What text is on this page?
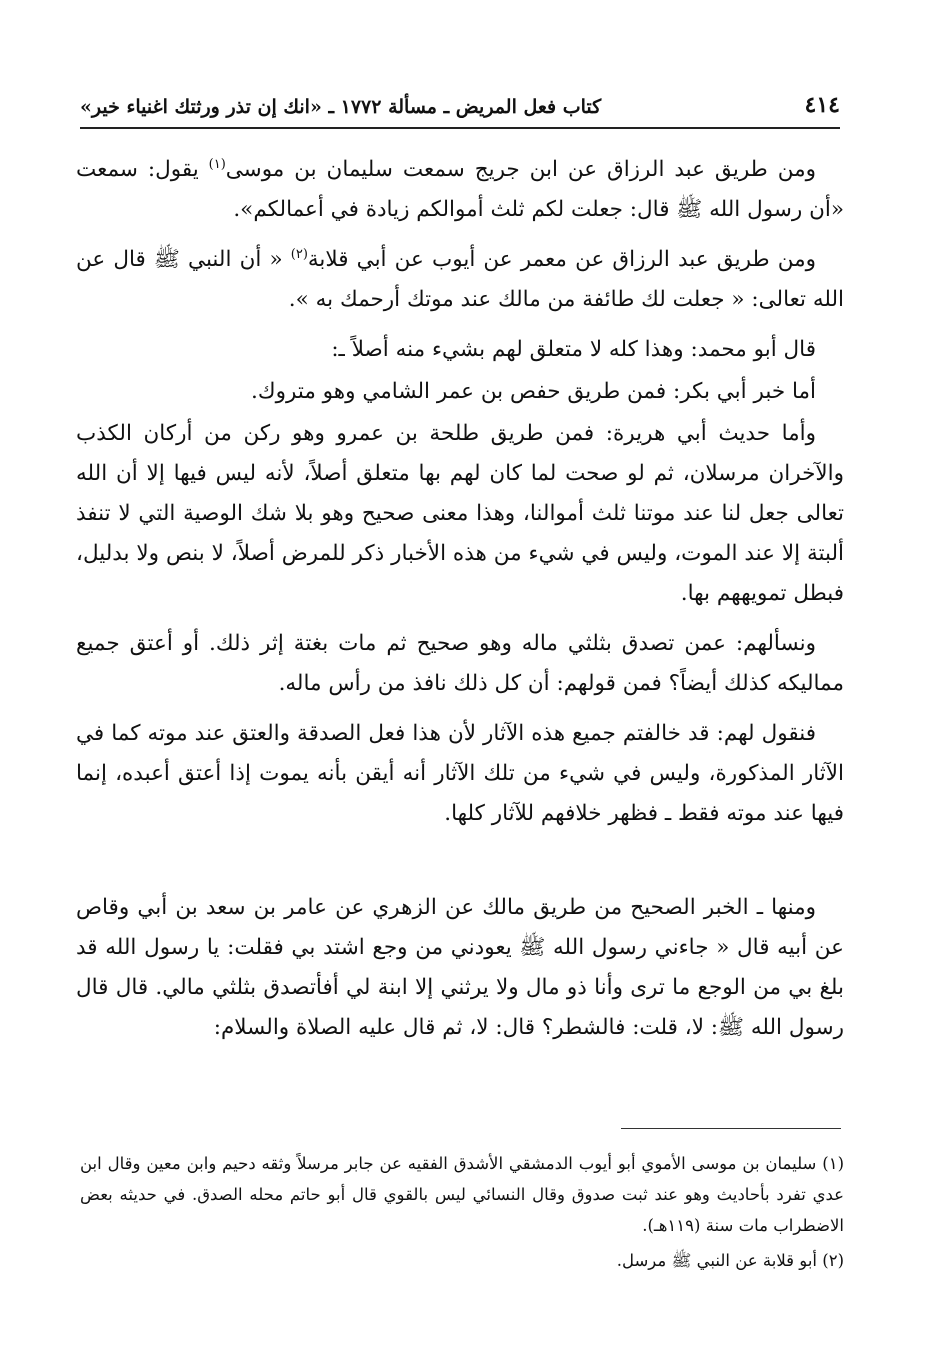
٤١٤
كتاب فعل المريض ـ مسألة ١٧٧٢ ـ «انك إن تذر ورثتك اغنياء خير»

ومن طريق عبد الرزاق عن ابن جريج سمعت سليمان بن موسى$^{(١)}$ يقول: سمعت «أن رسول الله ﷺ قال: جعلت لكم ثلث أموالكم زيادة في أعمالكم».

ومن طريق عبد الرزاق عن معمر عن أيوب عن أبي قلابة$^{(٢)}$ « أن النبي ﷺ قال عن الله تعالى: « جعلت لك طائفة من مالك عند موتك أرحمك به ».

قال أبو محمد: وهذا كله لا متعلق لهم بشيء منه أصلاً ـ:

أما خبر أبي بكر: فمن طريق حفص بن عمر الشامي وهو متروك.

وأما حديث أبي هريرة: فمن طريق طلحة بن عمرو وهو ركن من أركان الكذب والآخران مرسلان، ثم لو صحت لما كان لهم بها متعلق أصلاً، لأنه ليس فيها إلا أن الله تعالى جعل لنا عند موتنا ثلث أموالنا، وهذا معنى صحيح وهو بلا شك الوصية التي لا تنفذ ألبتة إلا عند الموت، وليس في شيء من هذه الأخبار ذكر للمرض أصلاً، لا بنص ولا بدليل، فبطل تمويههم بها.

ونسألهم: عمن تصدق بثلثي ماله وهو صحيح ثم مات بغتة إثر ذلك. أو أعتق جميع مماليكه كذلك أيضاً؟ فمن قولهم: أن كل ذلك نافذ من رأس ماله.

فنقول لهم: قد خالفتم جميع هذه الآثار لأن هذا فعل الصدقة والعتق عند موته كما في الآثار المذكورة، وليس في شيء من تلك الآثار أنه أيقن بأنه يموت إذا أعتق أعبده، إنما فيها عند موته فقط ـ فظهر خلافهم للآثار كلها.

ومنها ـ الخبر الصحيح من طريق مالك عن الزهري عن عامر بن سعد بن أبي وقاص عن أبيه قال « جاءني رسول الله ﷺ يعودني من وجع اشتد بي فقلت: يا رسول الله قد بلغ بي من الوجع ما ترى وأنا ذو مال ولا يرثني إلا ابنة لي أفأتصدق بثلثي مالي. قال قال رسول الله ﷺ: لا، قلت: فالشطر؟ قال: لا، ثم قال عليه الصلاة والسلام:

(١) سليمان بن موسى الأموي أبو أيوب الدمشقي الأشدق الفقيه عن جابر مرسلاً وثقه دحيم وابن معين وقال ابن عدي تفرد بأحاديث وهو عند ثبت صدوق وقال النسائي ليس بالقوي قال أبو حاتم محله الصدق. في حديثه بعض الاضطراب مات سنة (١١٩هـ).

(٢) أبو قلابة عن النبي ﷺ مرسل.
